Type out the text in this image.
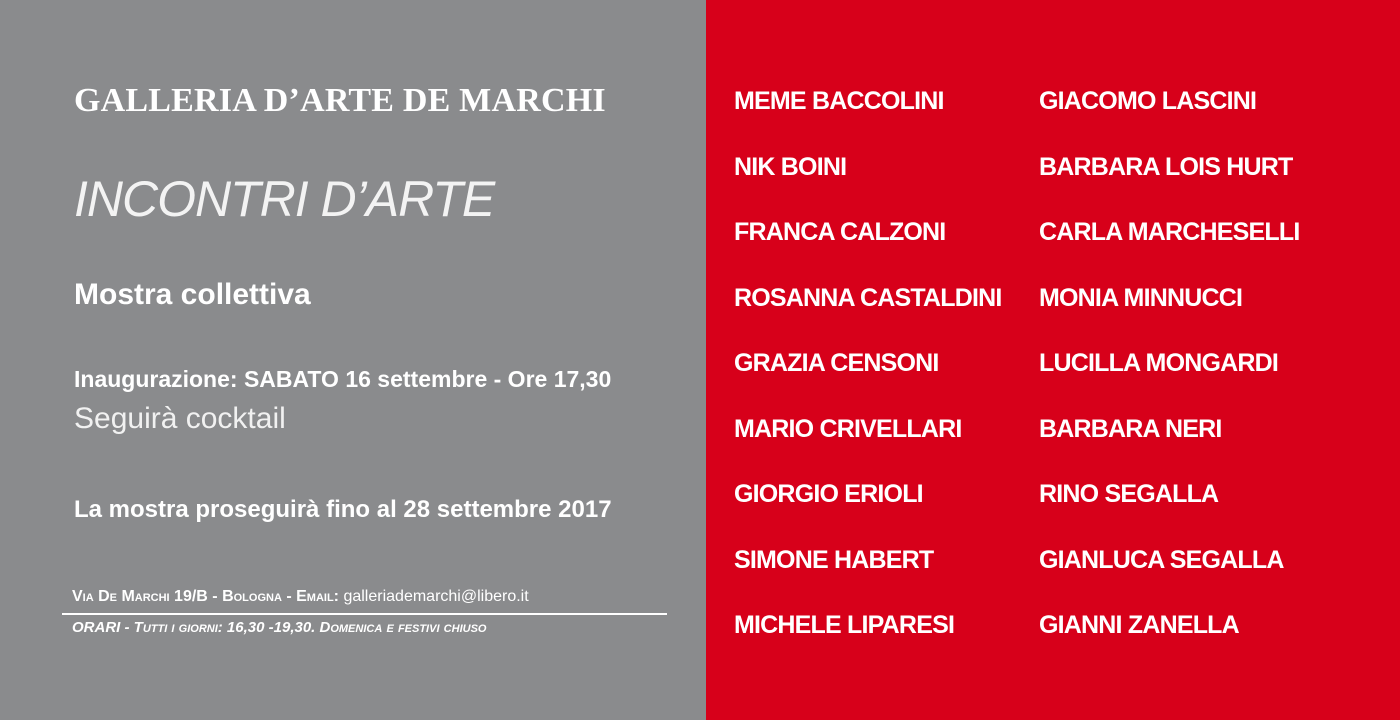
GALLERIA D’ARTE DE MARCHI
INCONTRI D’ARTE
Mostra collettiva
Inaugurazione: SABATO 16 settembre - Ore 17,30
Seguirà cocktail
La mostra proseguirà fino al 28 settembre 2017
Via De Marchi 19/B - Bologna - Email: galleriademarchi@libero.it
ORARI - Tutti i giorni: 16,30 -19,30. Domenica e festivi chiuso
MEME BACCOLINI
NIK BOINI
FRANCA CALZONI
ROSANNA CASTALDINI
GRAZIA CENSONI
MARIO CRIVELLARI
GIORGIO ERIOLI
SIMONE HABERT
MICHELE LIPARESI
GIACOMO LASCINI
BARBARA LOIS HURT
CARLA MARCHESELLI
MONIA MINNUCCI
LUCILLA MONGARDI
BARBARA NERI
RINO SEGALLA
GIANLUCA SEGALLA
GIANNI ZANELLA
